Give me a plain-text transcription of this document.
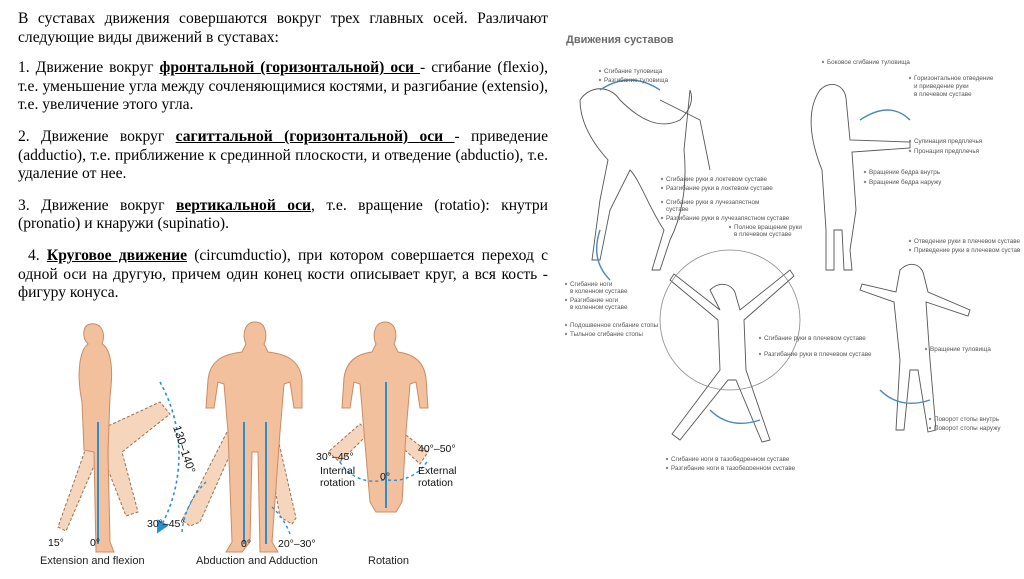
В суставах движения совершаются вокруг трех главных осей. Различают следующие виды движений в суставах:

1. Движение вокруг фронтальной (горизонтальной) оси - сгибание (flexio), т.е. уменьшение угла между сочленяющимися костями, и разгибание (extensio), т.е. увеличение этого угла.

2. Движение вокруг сагиттальной (горизонтальной) оси - приведение (adductio), т.е. приближение к срединной плоскости, и отведение (abductio), т.е. удаление от нее.

3. Движение вокруг вертикальной оси, т.е. вращение (rotatio): кнутри (pronatio) и кнаружи (supinatio).

4. Круговое движение (circumductio), при котором совершается переход с одной оси на другую, причем один конец кости описывает круг, а вся кость - фигуру конуса.

130–140°
15° 0°
Extension and flexion
30°–45°
0°	20°–30°
Abduction and Adduction
30°–45°
40°–50°
0°
Internal
rotation
External
rotation
Rotation
Движения суставов
Сгибание туловища
Разгибание туловища
Боковое сгибание туловища
Горизонтальное отведение
и приведение руки
в плечевом суставе
Супинация предплечья
Пронация предплечья
Вращение бедра внутрь
Вращение бедра наружу
Сгибание руки в локтевом суставе
Разгибание руки в локтевом суставе
Сгибание руки в лучезапястном
суставе
Разгибание руки в лучезапястном суставе
Полное вращение руки
в плечевом суставе
Отведение руки в плечевом суставе
Приведение руки в плечевом суставе
Сгибание ноги
в коленном суставе
Разгибание ноги
в коленном суставе
Подошвенное сгибание стопы
Тыльное сгибание стопы
Сгибание руки в плечевом суставе
Вращение туловища
Разгибание руки в плечевом суставе
Поворот стопы внутрь
Поворот стопы наружу
Сгибание ноги в тазобедренном суставе
Разгибание ноги в тазобедренном суставе
